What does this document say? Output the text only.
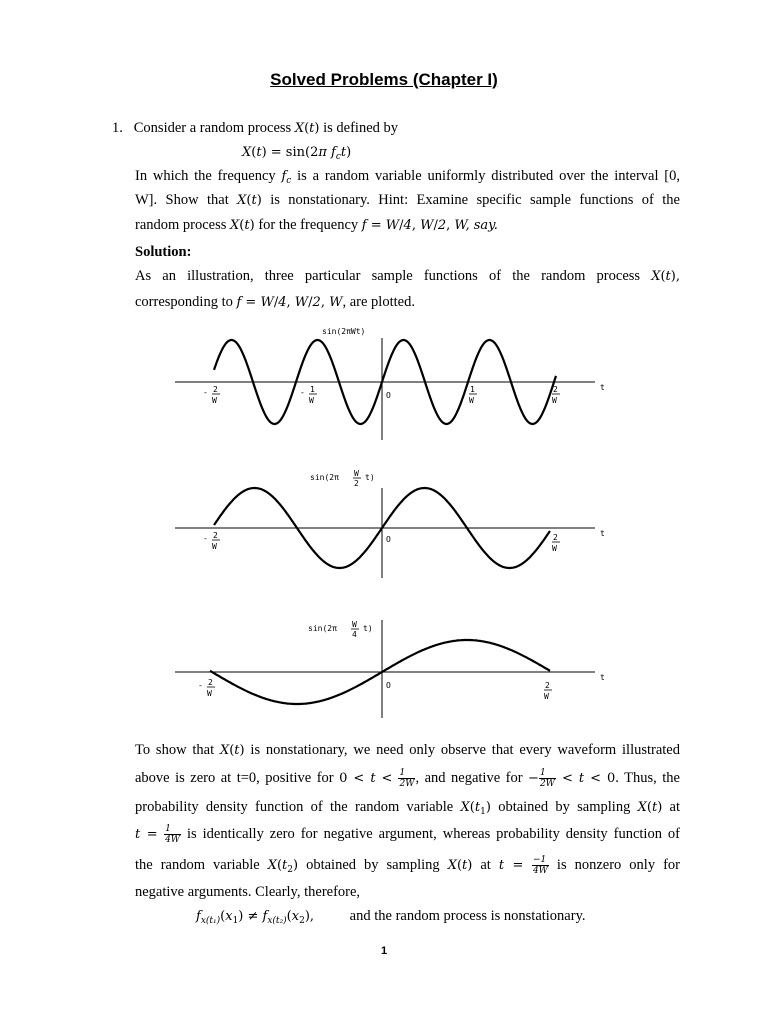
Solved Problems (Chapter I)
1. Consider a random process X(t) is defined by
X(t) = sin(2π $f_ct$)
In which the frequency $f_c$ is a random variable uniformly distributed over the interval [0,
W]. Show that X(t) is nonstationary. Hint: Examine specific sample functions of the
random process X(t) for the frequency f = W/4, W/2, W, say.
Solution:
As an illustration, three particular sample functions of the random process X(t),
corresponding to f = W/4, W/2, W, are plotted.
sin(2πWt)
t
- 2
W
- 1
W
O
1
W
2
W
sin(2π W
2
t)
t
- 2
W
O	2
W
sin(2π W
4
t)
t
- 2
W
O	2
W
To show that X(t) is nonstationary, we need only observe that every waveform illustrated
above is zero at t=0, positive for $0 < t < \frac{1}{2W}$ , and negative for − $\frac{1}{2W} < t < 0$. Thus, the
probability density function of the random variable $X(t_1)$ obtained by sampling X(t) at
$t = \frac{1}{4W}$ is identically zero for negative argument, whereas probability density function of
the random variable $X(t_2)$ obtained by sampling X(t) at $t = \frac{-1}{4W}$ is nonzero only for
negative arguments. Clearly, therefore,
$f_{x(t_1)}(x_1) \ne f_{x(t_2)}(x_2)$, and the random process is nonstationary.
1
